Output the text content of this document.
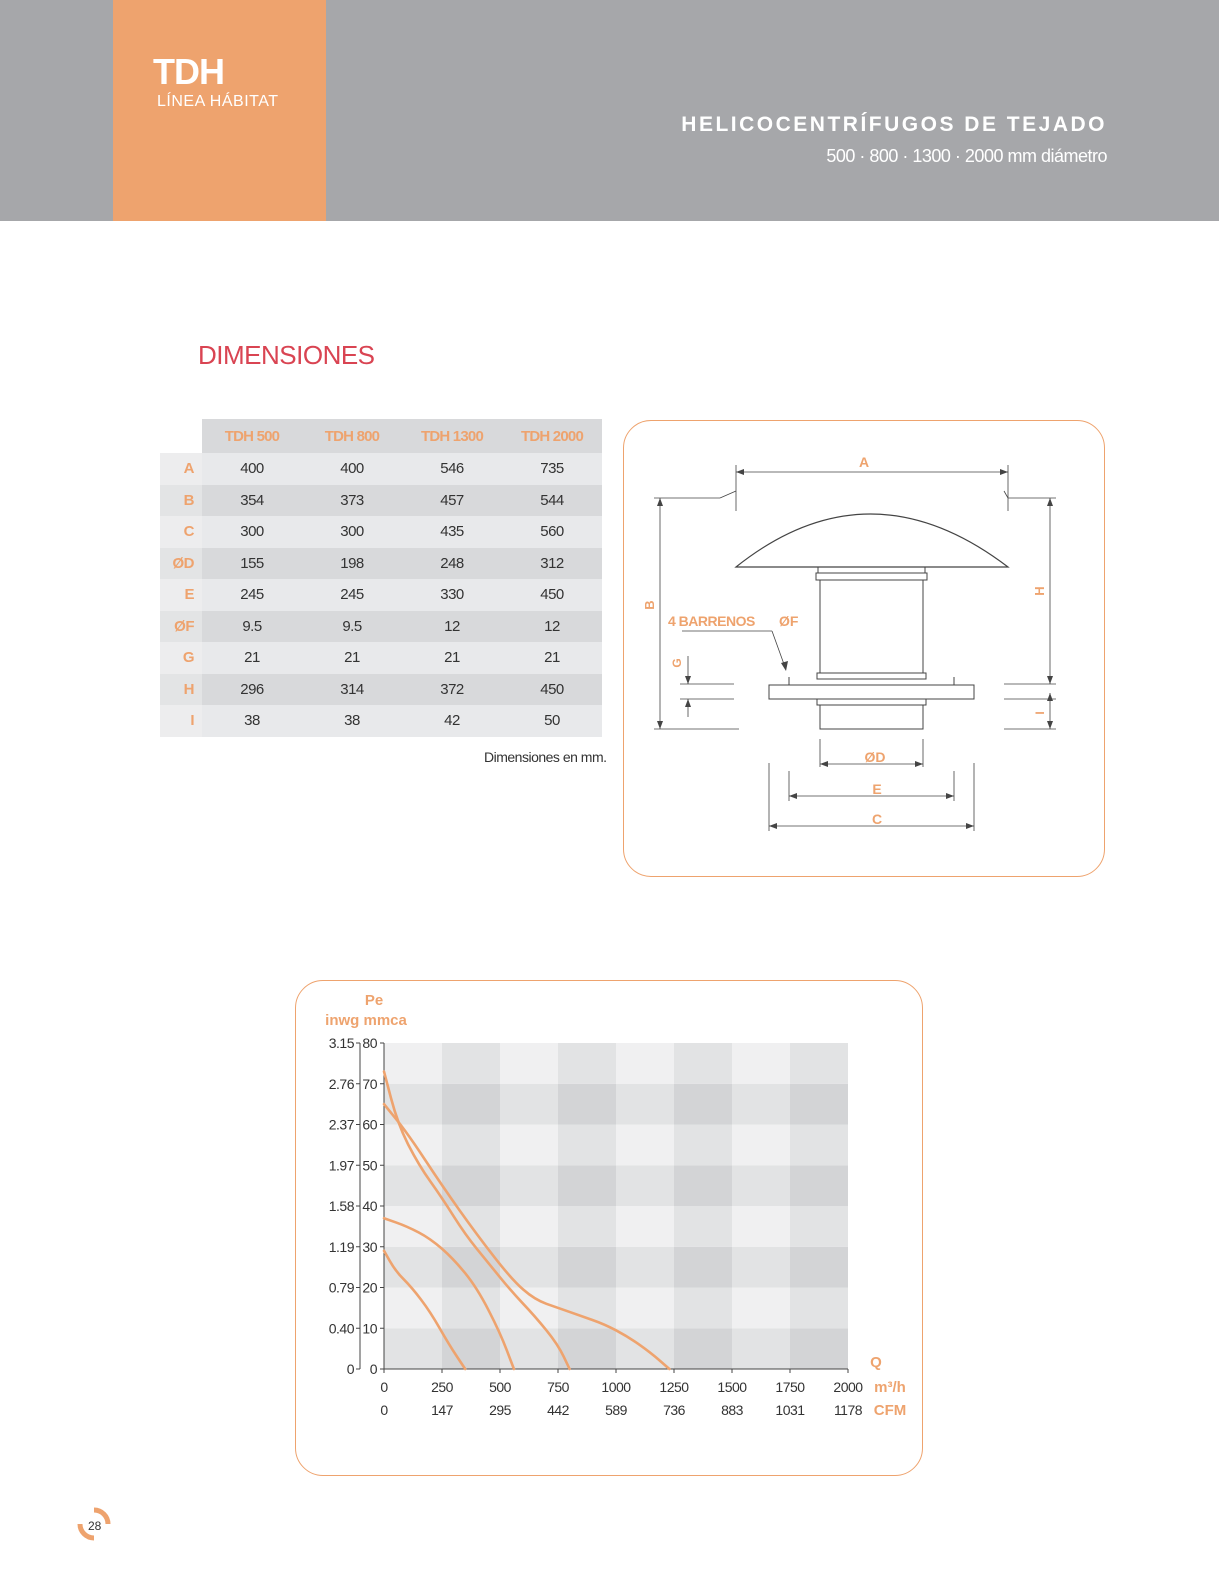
TDH
LÍNEA HÁBITAT
HELICOCENTRÍFUGOS DE TEJADO
500 · 800 · 1300 · 2000 mm diámetro
DIMENSIONES
	TDH 500	TDH 800	TDH 1300	TDH 2000
A	400	400	546	735
B	354	373	457	544
C	300	300	435	560
ØD	155	198	248	312
E	245	245	330	450
ØF	9.5	9.5	12	12
G	21	21	21	21
H	296	314	372	450
I	38	38	42	50
Dimensiones en mm.
A
B
H
I
G
4 BARRENOS ØF
ØD
E
C
0
0
10
0.40
20
0.79
30
1.19
40
1.58
50
1.97
60
2.37
70
2.76
80
3.15
0
0
250
147
500
295
750
442
1000
589
1250
736
1500
883
1750
1031
2000
1178
Pe
inwg mmca
Q
m³/h
CFM
28
